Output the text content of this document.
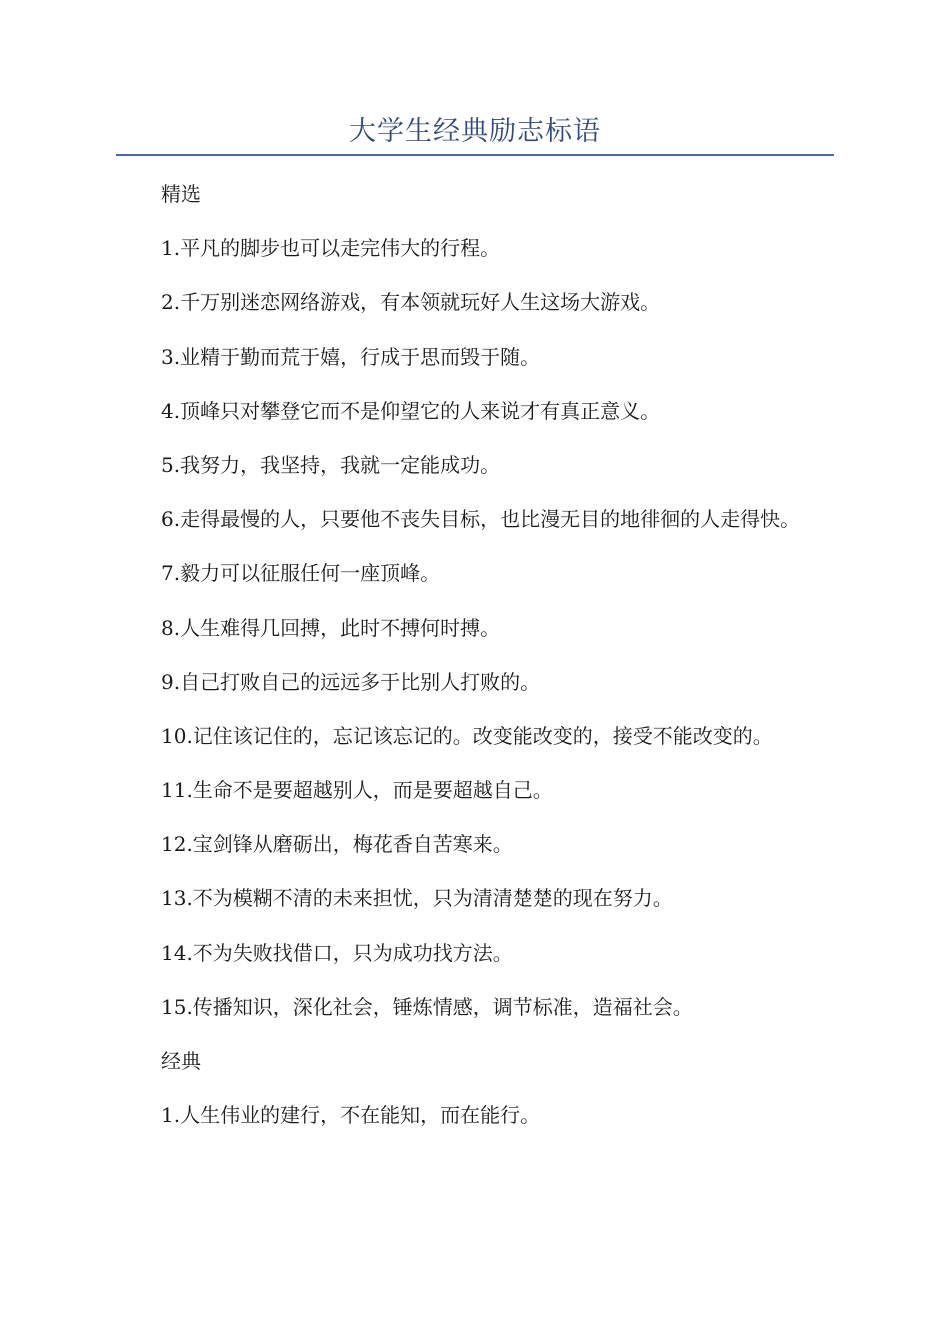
大学生经典励志标语

精选

1.平凡的脚步也可以走完伟大的行程。

2.千万别迷恋网络游戏，有本领就玩好人生这场大游戏。

3.业精于勤而荒于嬉，行成于思而毁于随。

4.顶峰只对攀登它而不是仰望它的人来说才有真正意义。

5.我努力，我坚持，我就一定能成功。

6.走得最慢的人，只要他不丧失目标，也比漫无目的地徘徊的人走得快。

7.毅力可以征服任何一座顶峰。

8.人生难得几回搏，此时不搏何时搏。

9.自己打败自己的远远多于比别人打败的。

10.记住该记住的，忘记该忘记的。改变能改变的，接受不能改变的。

11.生命不是要超越别人，而是要超越自己。

12.宝剑锋从磨砺出，梅花香自苦寒来。

13.不为模糊不清的未来担忧，只为清清楚楚的现在努力。

14.不为失败找借口，只为成功找方法。

15.传播知识，深化社会，锤炼情感，调节标准，造福社会。

经典

1.人生伟业的建行，不在能知，而在能行。
